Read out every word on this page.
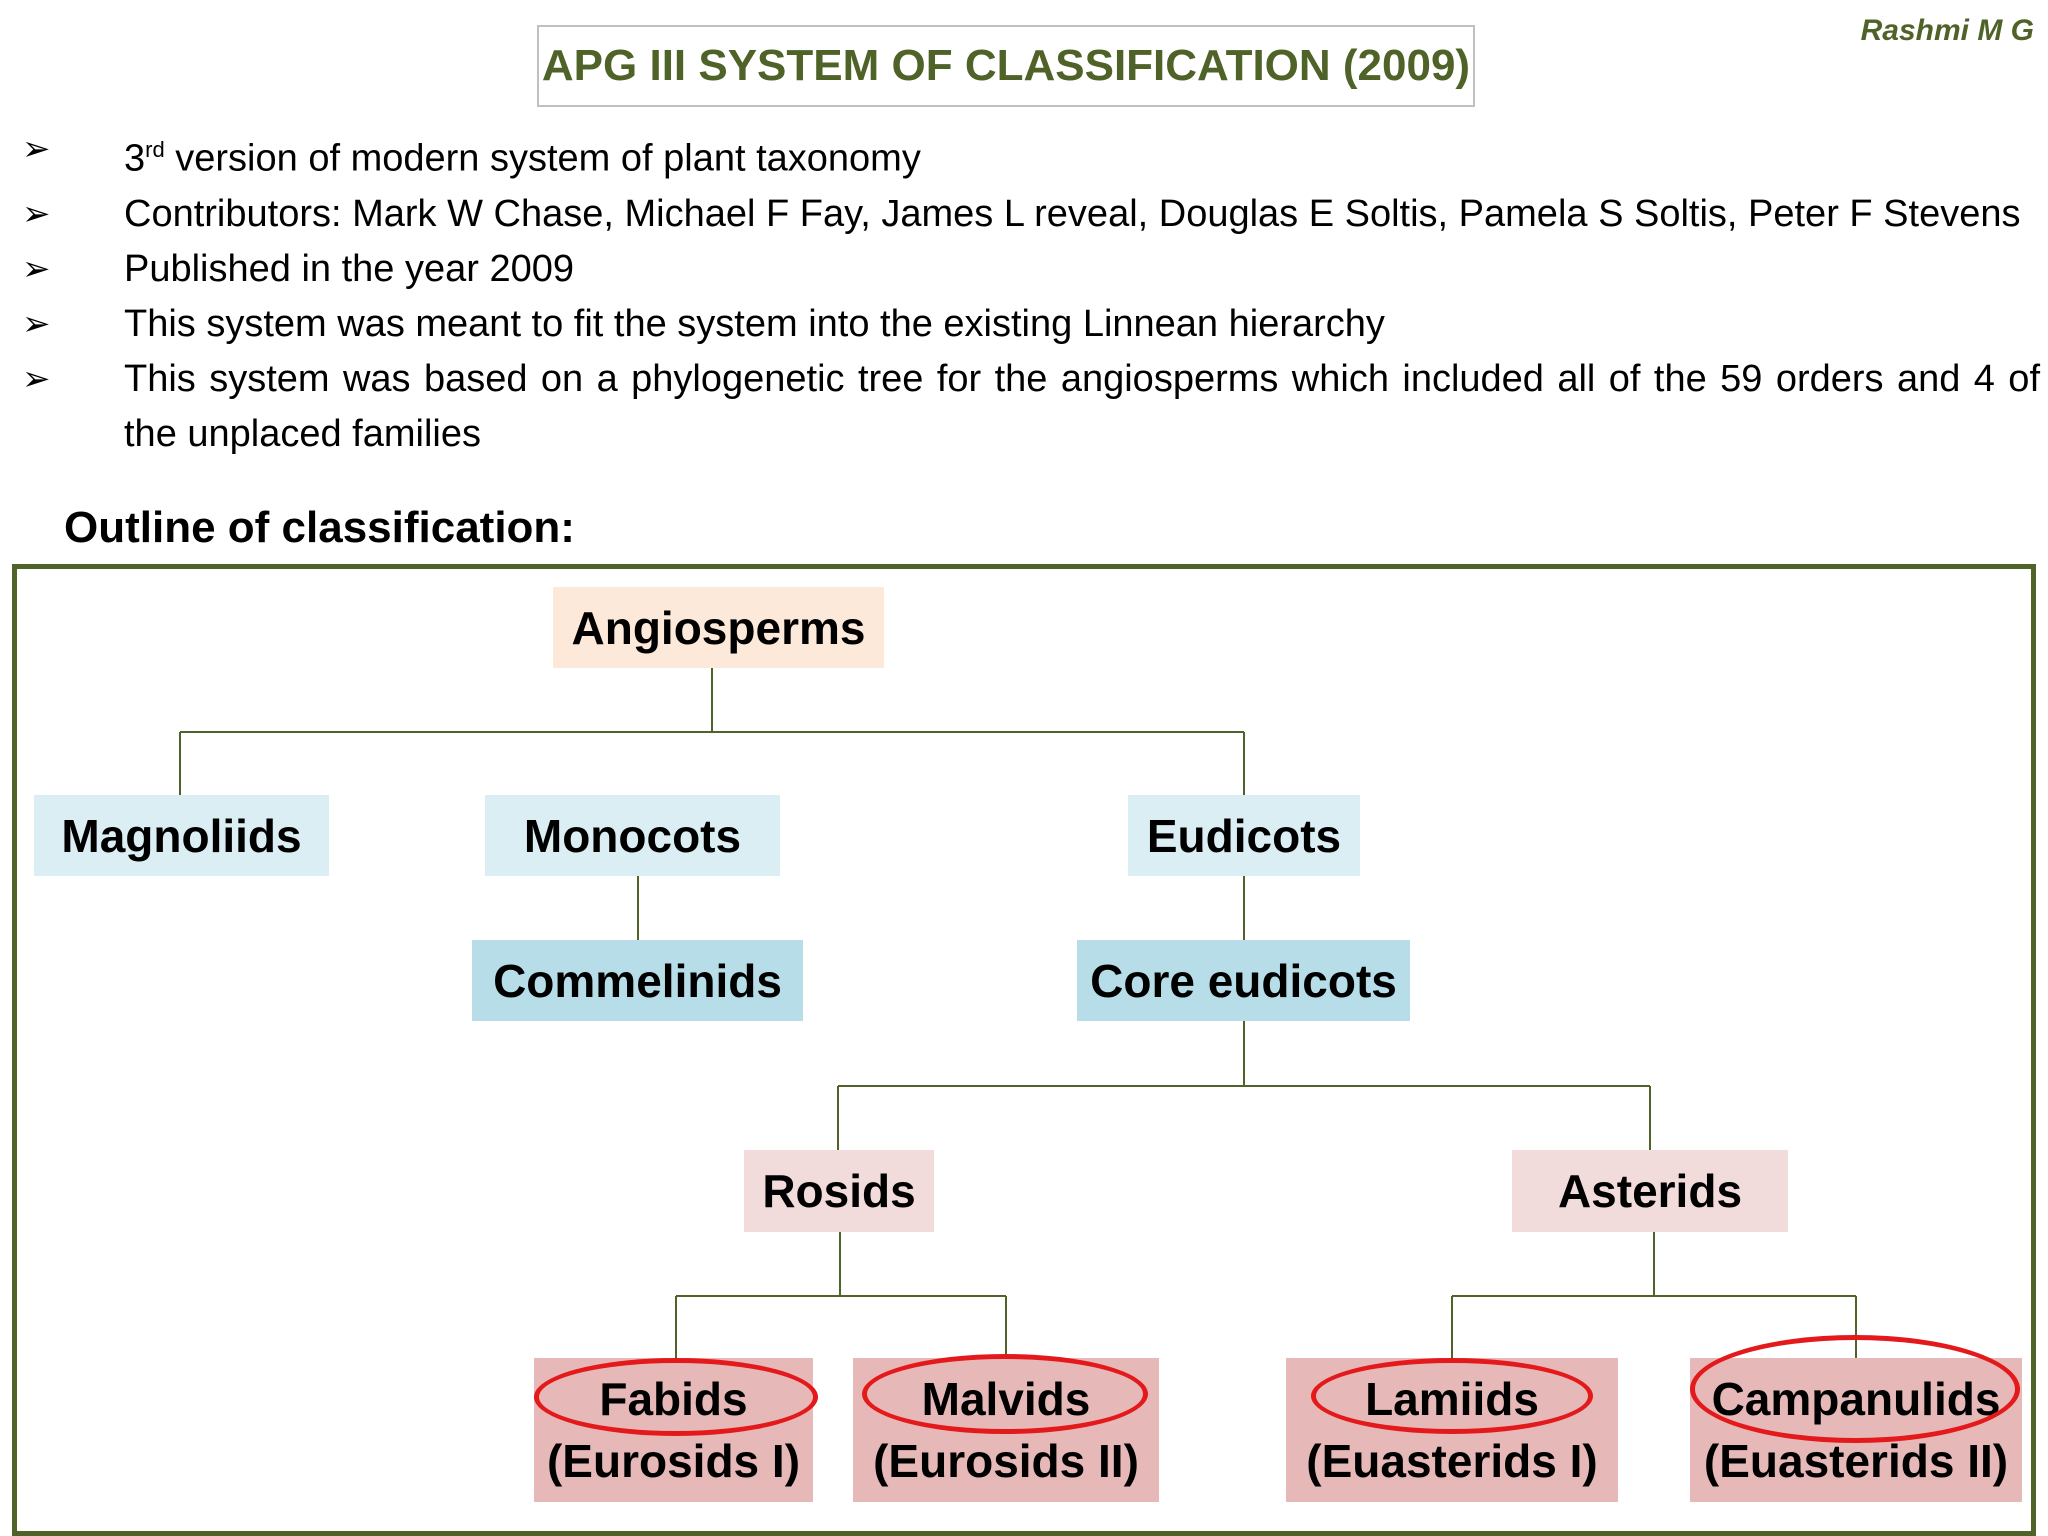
Rashmi M G
APG III SYSTEM OF CLASSIFICATION (2009)
➢ 3rd version of modern system of plant taxonomy
➢ Contributors: Mark W Chase, Michael F Fay, James L reveal, Douglas E Soltis, Pamela S Soltis, Peter F Stevens
➢ Published in the year 2009
➢ This system was meant to fit the system into the existing Linnean hierarchy
➢ This system was based on a phylogenetic tree for the angiosperms which included all of the 59 orders and 4 of the unplaced families
Outline of classification:
Angiosperms
Magnoliids	Monocots	Eudicots
Commelinids	Core eudicots
Rosids	Asterids
Fabids
(Eurosids I)
Malvids
(Eurosids II)
Lamiids
(Euasterids I)
Campanulids
(Euasterids II)
